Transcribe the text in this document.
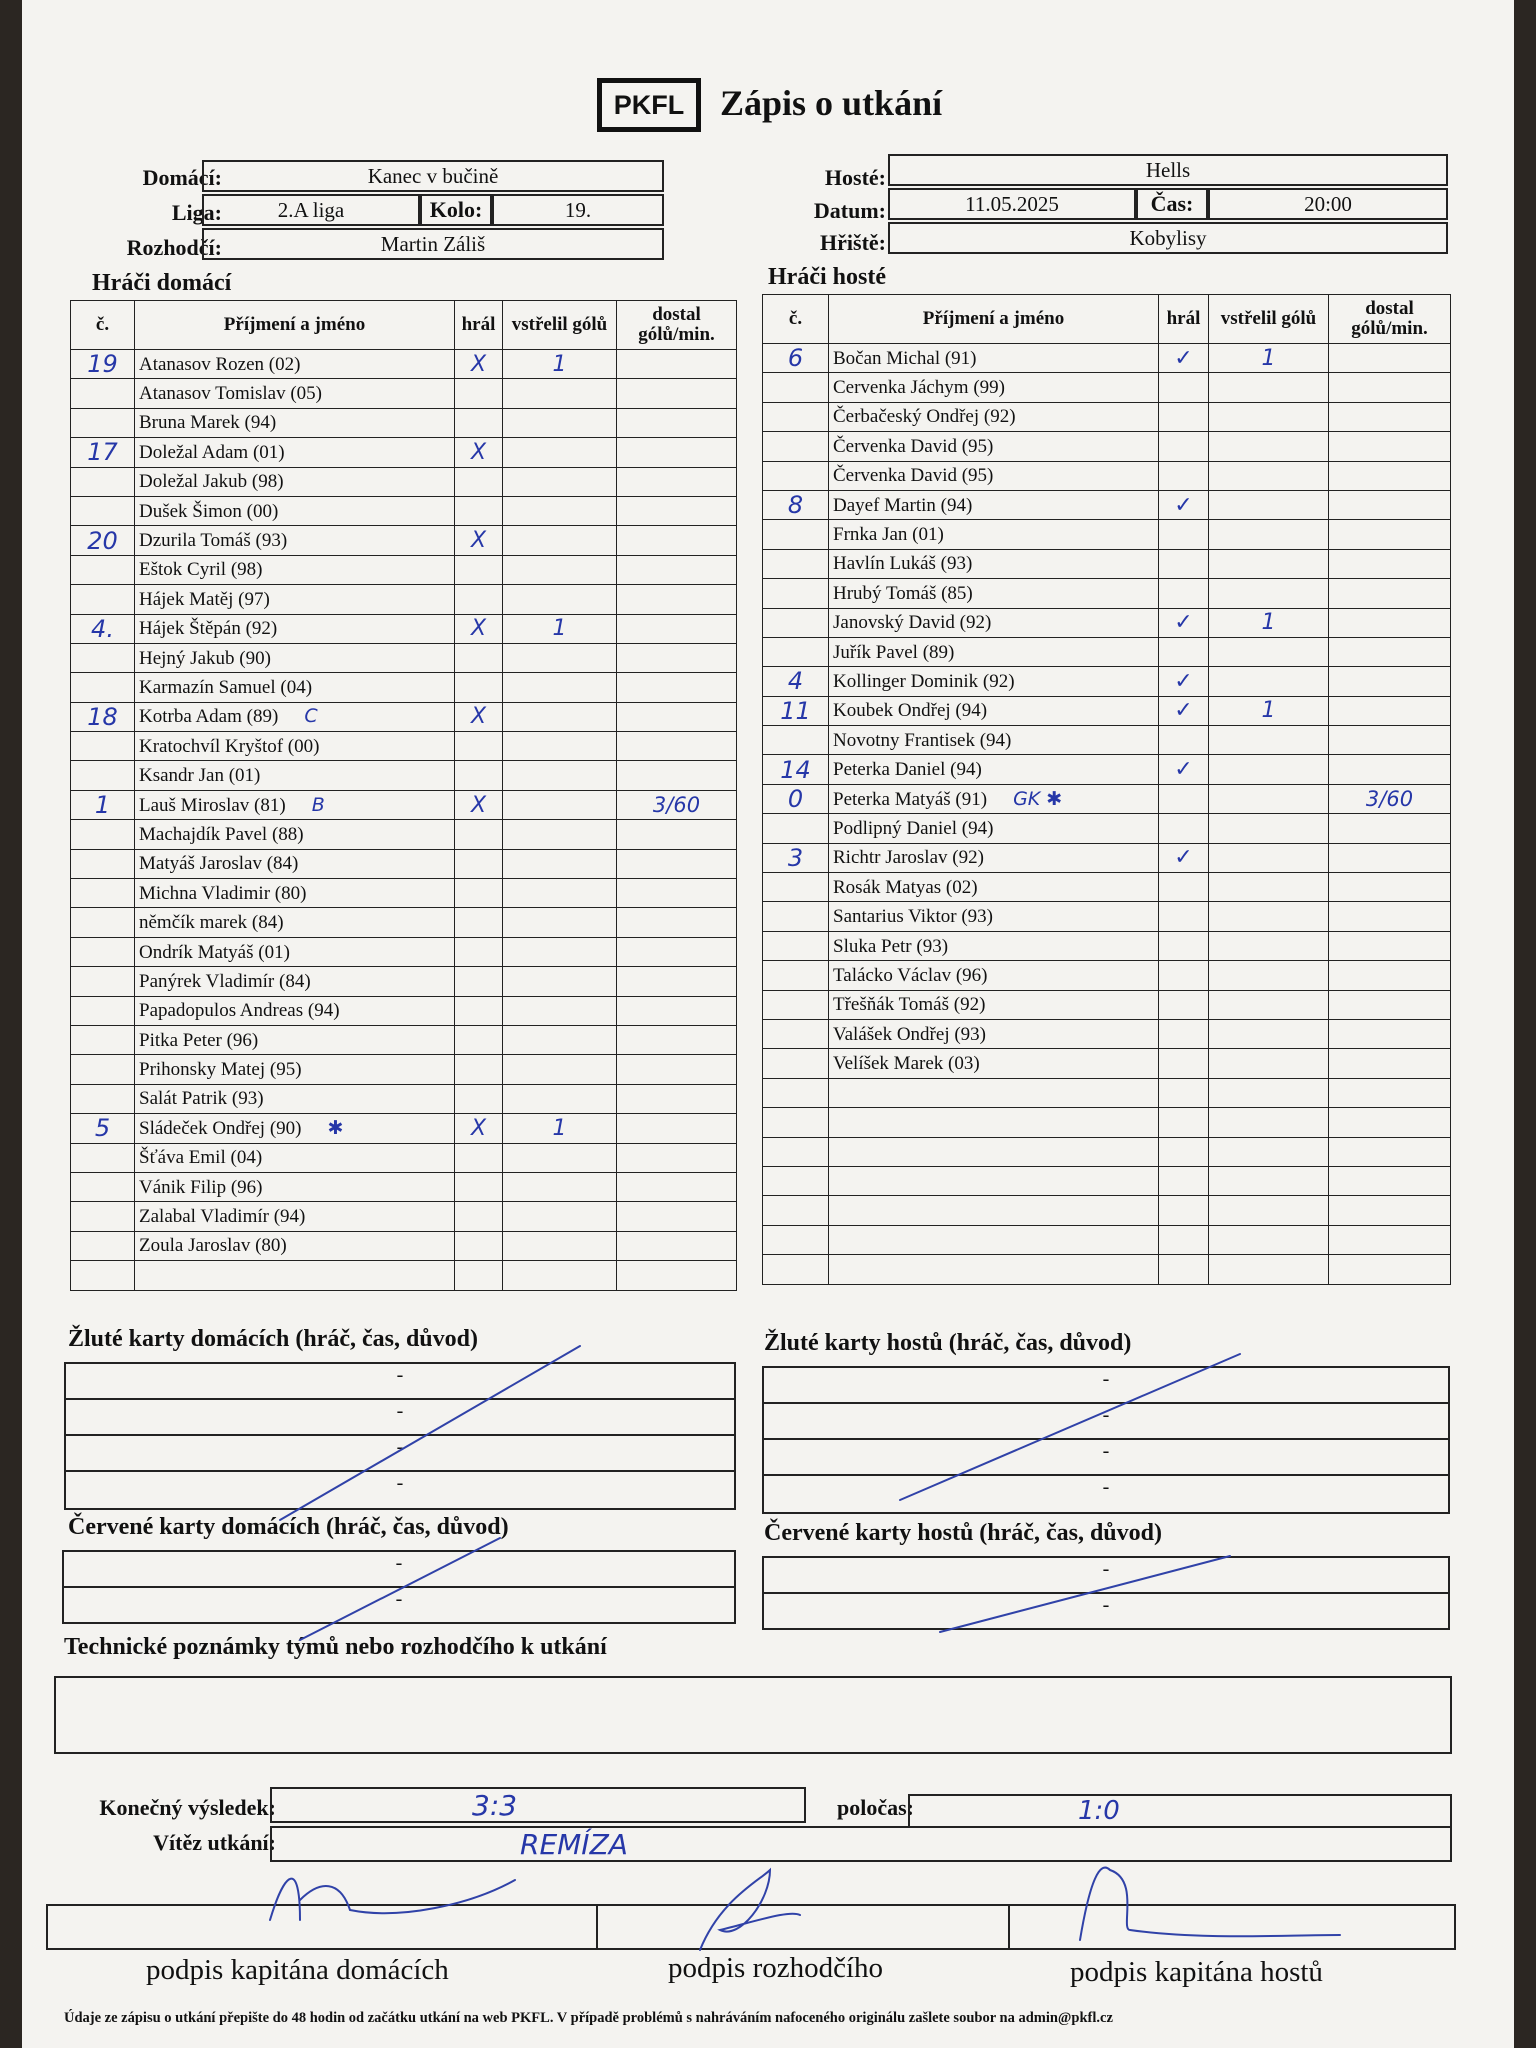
PKFL Zápis o utkání
Domácí:	Kanec v bučině
Liga:	2.A liga	Kolo:	19.
Rozhodčí:	Martin Záliš
Hosté:	Hells
Datum:	11.05.2025	Čas:	20:00
Hřiště:	Kobylisy
Hráči domácí	Hráči hosté
č.	Příjmení a jméno	hrál	vstřelil gólů	dostal gólů/min.
19	Atanasov Rozen (02)	X	1	
	Atanasov Tomislav (05)			
	Bruna Marek (94)			
17	Doležal Adam (01)	X		
	Doležal Jakub (98)			
	Dušek Šimon (00)			
20	Dzurila Tomáš (93)	X		
	Eštok Cyril (98)			
	Hájek Matěj (97)			
4.	Hájek Štěpán (92)	X	1	
	Hejný Jakub (90)			
	Karmazín Samuel (04)			
18	Kotrba Adam (89) C	X		
	Kratochvíl Kryštof (00)			
	Ksandr Jan (01)			
1	Lauš Miroslav (81) B	X		3/60
	Machajdík Pavel (88)			
	Matyáš Jaroslav (84)			
	Michna Vladimir (80)			
	němčík marek (84)			
	Ondrík Matyáš (01)			
	Panýrek Vladimír (84)			
	Papadopulos Andreas (94)			
	Pitka Peter (96)			
	Prihonsky Matej (95)			
	Salát Patrik (93)			
5	Sládeček Ondřej (90) ✱	X	1	
	Šťáva Emil (04)			
	Vánik Filip (96)			
	Zalabal Vladimír (94)			
	Zoula Jaroslav (80)			

č.	Příjmení a jméno	hrál	vstřelil gólů	dostal gólů/min.
6	Bočan Michal (91)	✓	1	
	Cervenka Jáchym (99)			
	Čerbačeský Ondřej (92)			
	Červenka David (95)			
	Červenka David (95)			
8	Dayef Martin (94)	✓		
	Frnka Jan (01)			
	Havlín Lukáš (93)			
	Hrubý Tomáš (85)			
	Janovský David (92)	✓	1	
	Juřík Pavel (89)			
4	Kollinger Dominik (92)	✓		
11	Koubek Ondřej (94)	✓	1	
	Novotny Frantisek (94)			
14	Peterka Daniel (94)	✓		
0	Peterka Matyáš (91) GK ✱			3/60
	Podlipný Daniel (94)			
3	Richtr Jaroslav (92)	✓		
	Rosák Matyas (02)			
	Santarius Viktor (93)			
	Sluka Petr (93)			
	Talácko Václav (96)			
	Třešňák Tomáš (92)			
	Valášek Ondřej (93)			
	Velíšek Marek (03)			

Žluté karty domácích (hráč, čas, důvod)
-
-
-
-
Žluté karty hostů (hráč, čas, důvod)
-
-
-
-
Červené karty domácích (hráč, čas, důvod)
-
-
Červené karty hostů (hráč, čas, důvod)
-
-
Technické poznámky týmů nebo rozhodčího k utkání
Konečný výsledek:	3:3	poločas:	1:0
Vítěz utkání:	REMÍZA
podpis kapitána domácích	podpis rozhodčího	podpis kapitána hostů
Údaje ze zápisu o utkání přepište do 48 hodin od začátku utkání na web PKFL. V případě problémů s nahráváním nafoceného originálu zašlete soubor na admin@pkfl.cz
